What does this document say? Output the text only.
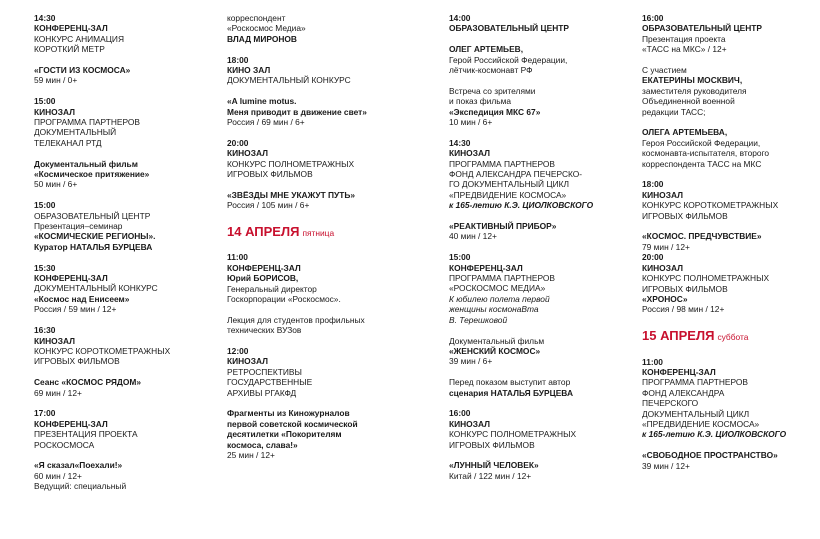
14:30
КОНФЕРЕНЦ-ЗАЛ
КОНКУРС АНИМАЦИЯ
КОРОТКИЙ МЕТР
«ГОСТИ ИЗ КОСМОСА»
59 мин / 0+
15:00
КИНОЗАЛ
ПРОГРАММА ПАРТНЕРОВ
ДОКУМЕНТАЛЬНЫЙ
ТЕЛЕКАНАЛ РТД
Документальный фильм
«Космическое притяжение»
50 мин / 6+
15:00
ОБРАЗОВАТЕЛЬНЫЙ ЦЕНТР
Презентация–семинар
«КОСМИЧЕСКИЕ РЕГИОНЫ».
Куратор НАТАЛЬЯ БУРЦЕВА
15:30
КОНФЕРЕНЦ-ЗАЛ
ДОКУМЕНТАЛЬНЫЙ КОНКУРС
«Космос над Енисеем»
Россия / 59 мин / 12+
16:30
КИНОЗАЛ
КОНКУРС КОРОТКОМЕТРАЖНЫХ
ИГРОВЫХ ФИЛЬМОВ
Сеанс «КОСМОС РЯДОМ»
69 мин / 12+
17:00
КОНФЕРЕНЦ-ЗАЛ
ПРЕЗЕНТАЦИЯ ПРОЕКТА
РОСКОСМОСА
«Я сказал«Поехали!»
60 мин / 12+
Ведущий: специальный
корреспондент
«Роскосмос Медиа»
ВЛАД МИРОНОВ
18:00
КИНО ЗАЛ
ДОКУМЕНТАЛЬНЫЙ КОНКУРС
«A lumine motus.
Меня приводит в движение свет»
Россия / 69 мин / 6+
20:00
КИНОЗАЛ
КОНКУРС ПОЛНОМЕТРАЖНЫХ
ИГРОВЫХ ФИЛЬМОВ
«ЗВЁЗДЫ МНЕ УКАЖУТ ПУТЬ»
Россия / 105 мин / 6+
14 АПРЕЛЯ пятница
11:00
КОНФЕРЕНЦ-ЗАЛ
Юрий БОРИСОВ,
Генеральный директор
Госкорпорации «Роскосмос».
Лекция для студентов профильных
технических ВУЗов
12:00
КИНОЗАЛ
РЕТРОСПЕКТИВЫ
ГОСУДАРСТВЕННЫЕ
АРХИВЫ РГАКФД
Фрагменты из Киножурналов
первой советской космической
десятилетки «Покорителям
космоса, слава!»
25 мин / 12+
14:00
ОБРАЗОВАТЕЛЬНЫЙ ЦЕНТР
ОЛЕГ АРТЕМЬЕВ,
Герой Российской Федерации,
лётчик-космонавт РФ
Встреча со зрителями
и показ фильма
«Экспедиция МКС 67»
10 мин / 6+
14:30
КИНОЗАЛ
ПРОГРАММА ПАРТНЕРОВ
ФОНД АЛЕКСАНДРА ПЕЧЕРСКО-
ГО ДОКУМЕНТАЛЬНЫЙ ЦИКЛ
«ПРЕДВИДЕНИЕ КОСМОСА»
к 165-летию К.Э. ЦИОЛКОВСКОГО
«РЕАКТИВНЫЙ ПРИБОР»
40 мин / 12+
15:00
КОНФЕРЕНЦ-ЗАЛ
ПРОГРАММА ПАРТНЕРОВ
«РОСКОСМОС МЕДИА»
К юбилею полета первой
женщины космонаВта
В. Терешковой
Документальный фильм
«ЖЕНСКИЙ КОСМОС»
39 мин / 6+
Перед показом выступит автор
сценария НАТАЛЬЯ БУРЦЕВА
16:00
КИНОЗАЛ
КОНКУРС ПОЛНОМЕТРАЖНЫХ
ИГРОВЫХ ФИЛЬМОВ
«ЛУННЫЙ ЧЕЛОВЕК»
Китай / 122 мин / 12+
16:00
ОБРАЗОВАТЕЛЬНЫЙ ЦЕНТР
Презентация проекта
«ТАСС на МКС» / 12+
С участием
ЕКАТЕРИНЫ МОСКВИЧ,
заместителя руководителя
Объединенной военной
редакции ТАСС;
ОЛЕГА АРТЕМЬЕВА,
Героя Российской Федерации,
космонавта-испытателя, второго
корреспондента ТАСС на МКС
18:00
КИНОЗАЛ
КОНКУРС КОРОТКОМЕТРАЖНЫХ
ИГРОВЫХ ФИЛЬМОВ
«КОСМОС. ПРЕДЧУВСТВИЕ»
79 мин / 12+
20:00
КИНОЗАЛ
КОНКУРС ПОЛНОМЕТРАЖНЫХ
ИГРОВЫХ ФИЛЬМОВ
«ХРОНОС»
Россия / 98 мин / 12+
15 АПРЕЛЯ суббота
11:00
КОНФЕРЕНЦ-ЗАЛ
ПРОГРАММА ПАРТНЕРОВ
ФОНД АЛЕКСАНДРА
ПЕЧЕРСКОГО
ДОКУМЕНТАЛЬНЫЙ ЦИКЛ
«ПРЕДВИДЕНИЕ КОСМОСА»
к 165-летию К.Э. ЦИОЛКОВСКОГО
«СВОБОДНОЕ ПРОСТРАНСТВО»
39 мин / 12+
